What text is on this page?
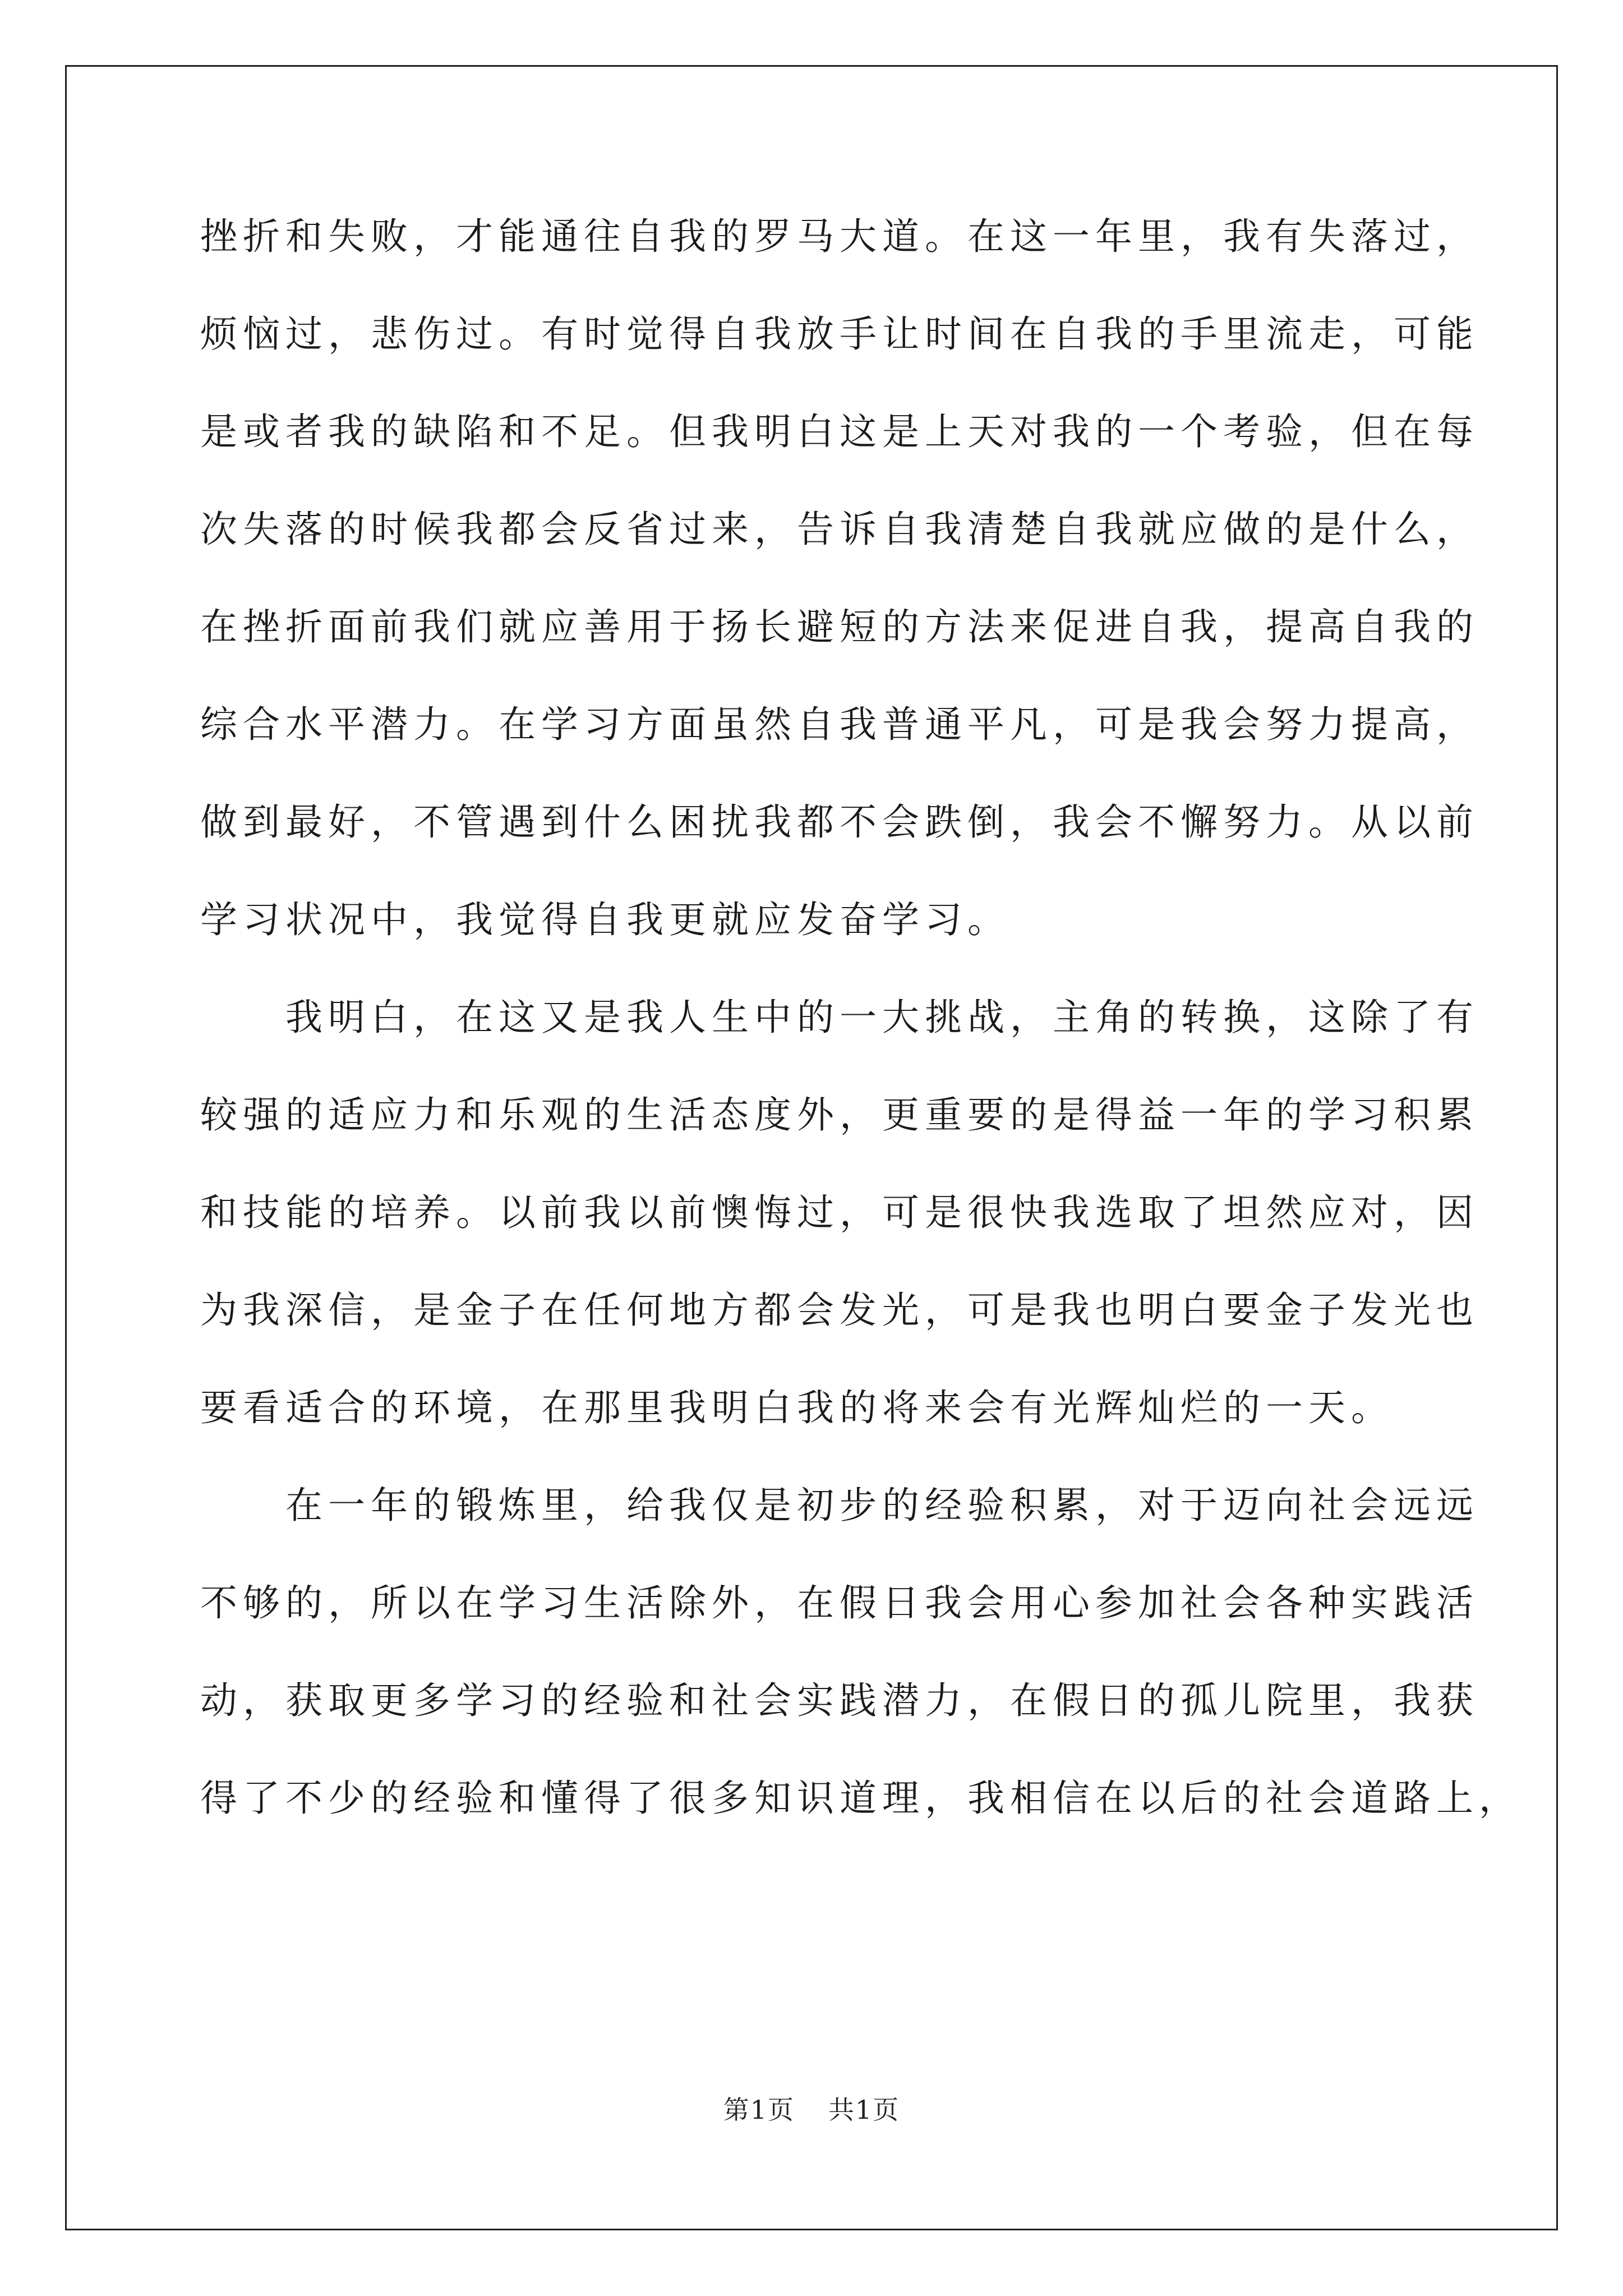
挫折和失败，才能通往自我的罗马大道。在这一年里，我有失落过，
烦恼过，悲伤过。有时觉得自我放手让时间在自我的手里流走，可能
是或者我的缺陷和不足。但我明白这是上天对我的一个考验，但在每
次失落的时候我都会反省过来，告诉自我清楚自我就应做的是什么，
在挫折面前我们就应善用于扬长避短的方法来促进自我，提高自我的
综合水平潜力。在学习方面虽然自我普通平凡，可是我会努力提高，
做到最好，不管遇到什么困扰我都不会跌倒，我会不懈努力。从以前
学习状况中，我觉得自我更就应发奋学习。
我明白，在这又是我人生中的一大挑战，主角的转换，这除了有
较强的适应力和乐观的生活态度外，更重要的是得益一年的学习积累
和技能的培养。以前我以前懊悔过，可是很快我选取了坦然应对，因
为我深信，是金子在任何地方都会发光，可是我也明白要金子发光也
要看适合的环境，在那里我明白我的将来会有光辉灿烂的一天。
在一年的锻炼里，给我仅是初步的经验积累，对于迈向社会远远
不够的，所以在学习生活除外，在假日我会用心参加社会各种实践活
动，获取更多学习的经验和社会实践潜力，在假日的孤儿院里，我获
得了不少的经验和懂得了很多知识道理，我相信在以后的社会道路上，
第1页 共1页
